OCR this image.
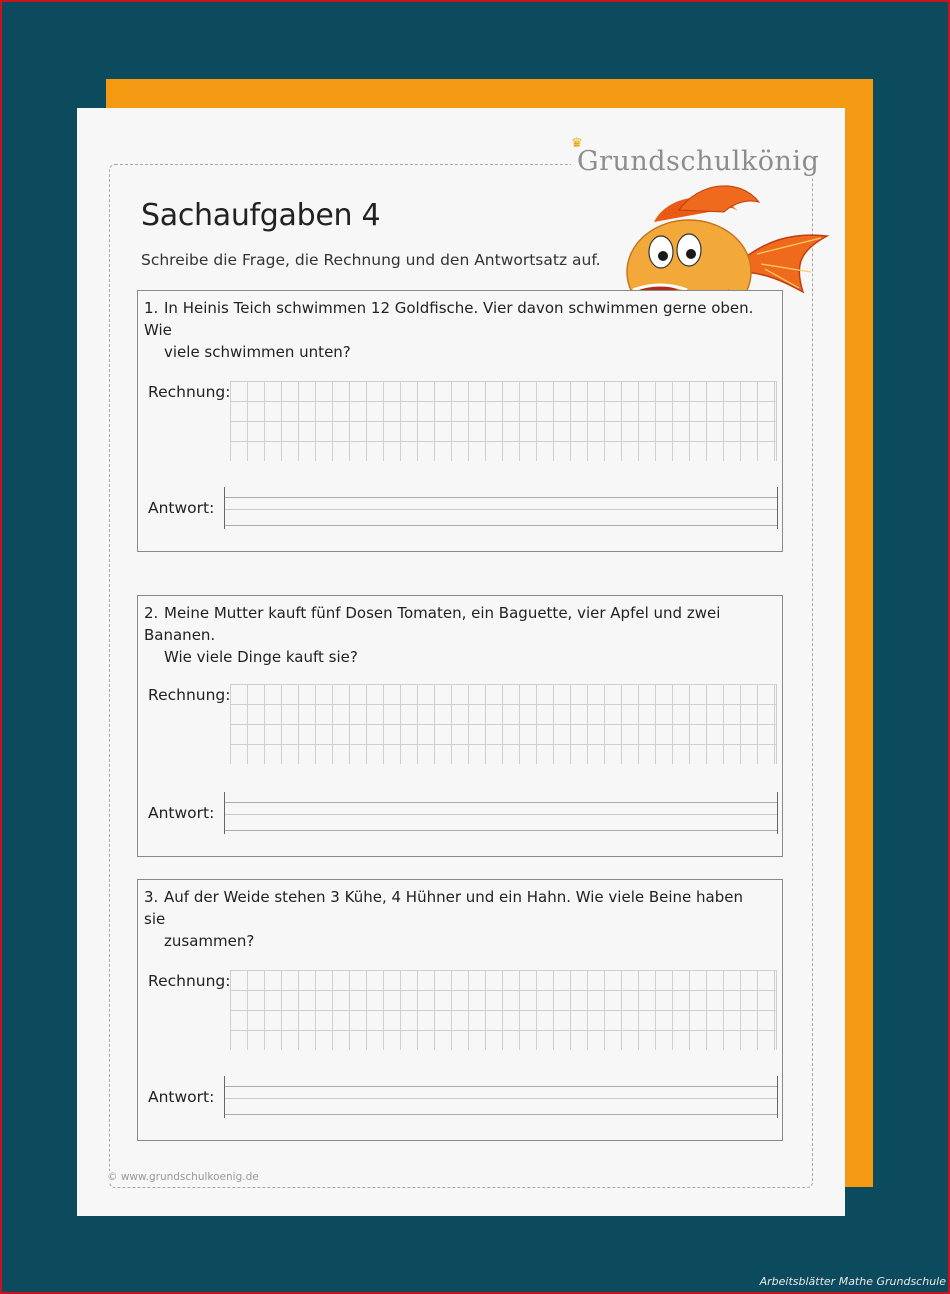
♛
Grundschulkönig
Sachaufgaben 4
Schreibe die Frage, die Rechnung und den Antwortsatz auf.
1. In Heinis Teich schwimmen 12 Goldfische. Vier davon schwimmen gerne oben. Wie
viele schwimmen unten?
Rechnung:
Antwort:
2. Meine Mutter kauft fünf Dosen Tomaten, ein Baguette, vier Apfel und zwei Bananen.
Wie viele Dinge kauft sie?
Rechnung:
Antwort:
3. Auf der Weide stehen 3 Kühe, 4 Hühner und ein Hahn. Wie viele Beine haben sie
zusammen?
Rechnung:
Antwort:
© www.grundschulkoenig.de
Arbeitsblätter Mathe Grundschule
